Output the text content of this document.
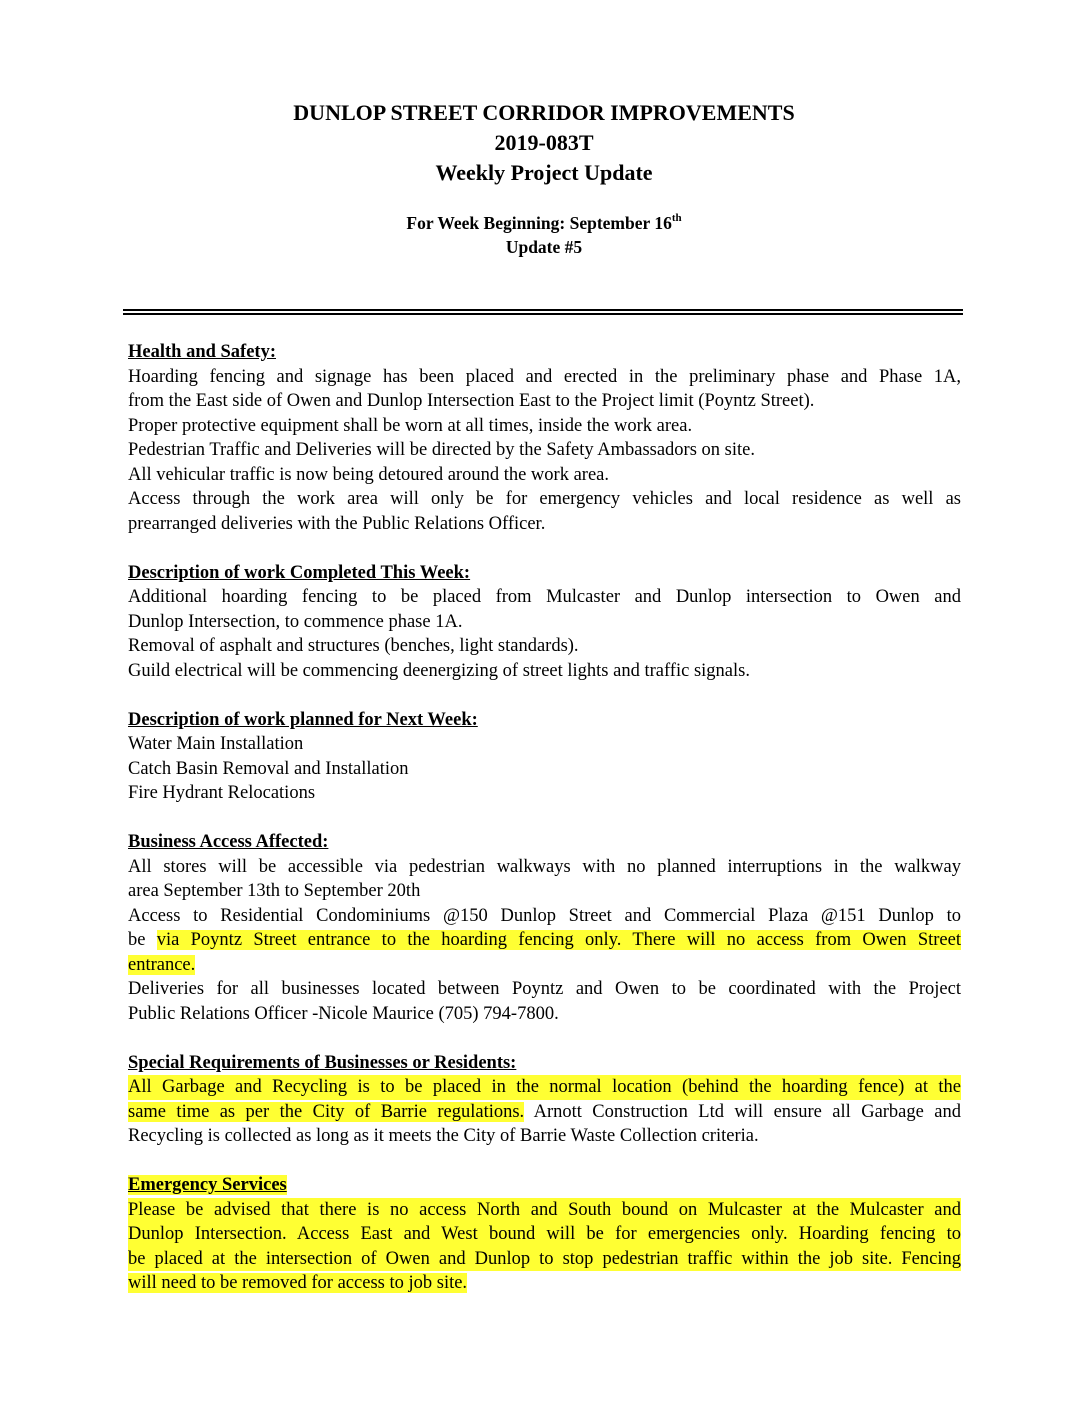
DUNLOP STREET CORRIDOR IMPROVEMENTS
2019-083T
Weekly Project Update
For Week Beginning: September 16th
Update #5
Health and Safety:
Hoarding fencing and signage has been placed and erected in the preliminary phase and Phase 1A,
from the East side of Owen and Dunlop Intersection East to the Project limit (Poyntz Street).
Proper protective equipment shall be worn at all times, inside the work area.
Pedestrian Traffic and Deliveries will be directed by the Safety Ambassadors on site.
All vehicular traffic is now being detoured around the work area.
Access through the work area will only be for emergency vehicles and local residence as well as
prearranged deliveries with the Public Relations Officer.
Description of work Completed This Week:
Additional hoarding fencing to be placed from Mulcaster and Dunlop intersection to Owen and
Dunlop Intersection, to commence phase 1A.
Removal of asphalt and structures (benches, light standards).
Guild electrical will be commencing deenergizing of street lights and traffic signals.
Description of work planned for Next Week:
Water Main Installation
Catch Basin Removal and Installation
Fire Hydrant Relocations
Business Access Affected:
All stores will be accessible via pedestrian walkways with no planned interruptions in the walkway
area September 13th to September 20th
Access to Residential Condominiums @150 Dunlop Street and Commercial Plaza @151 Dunlop to
be via Poyntz Street entrance to the hoarding fencing only. There will no access from Owen Street
entrance.
Deliveries for all businesses located between Poyntz and Owen to be coordinated with the Project
Public Relations Officer -Nicole Maurice (705) 794-7800.
Special Requirements of Businesses or Residents:
All Garbage and Recycling is to be placed in the normal location (behind the hoarding fence) at the
same time as per the City of Barrie regulations. Arnott Construction Ltd will ensure all Garbage and
Recycling is collected as long as it meets the City of Barrie Waste Collection criteria.
Emergency Services
Please be advised that there is no access North and South bound on Mulcaster at the Mulcaster and
Dunlop Intersection. Access East and West bound will be for emergencies only. Hoarding fencing to
be placed at the intersection of Owen and Dunlop to stop pedestrian traffic within the job site. Fencing
will need to be removed for access to job site.
